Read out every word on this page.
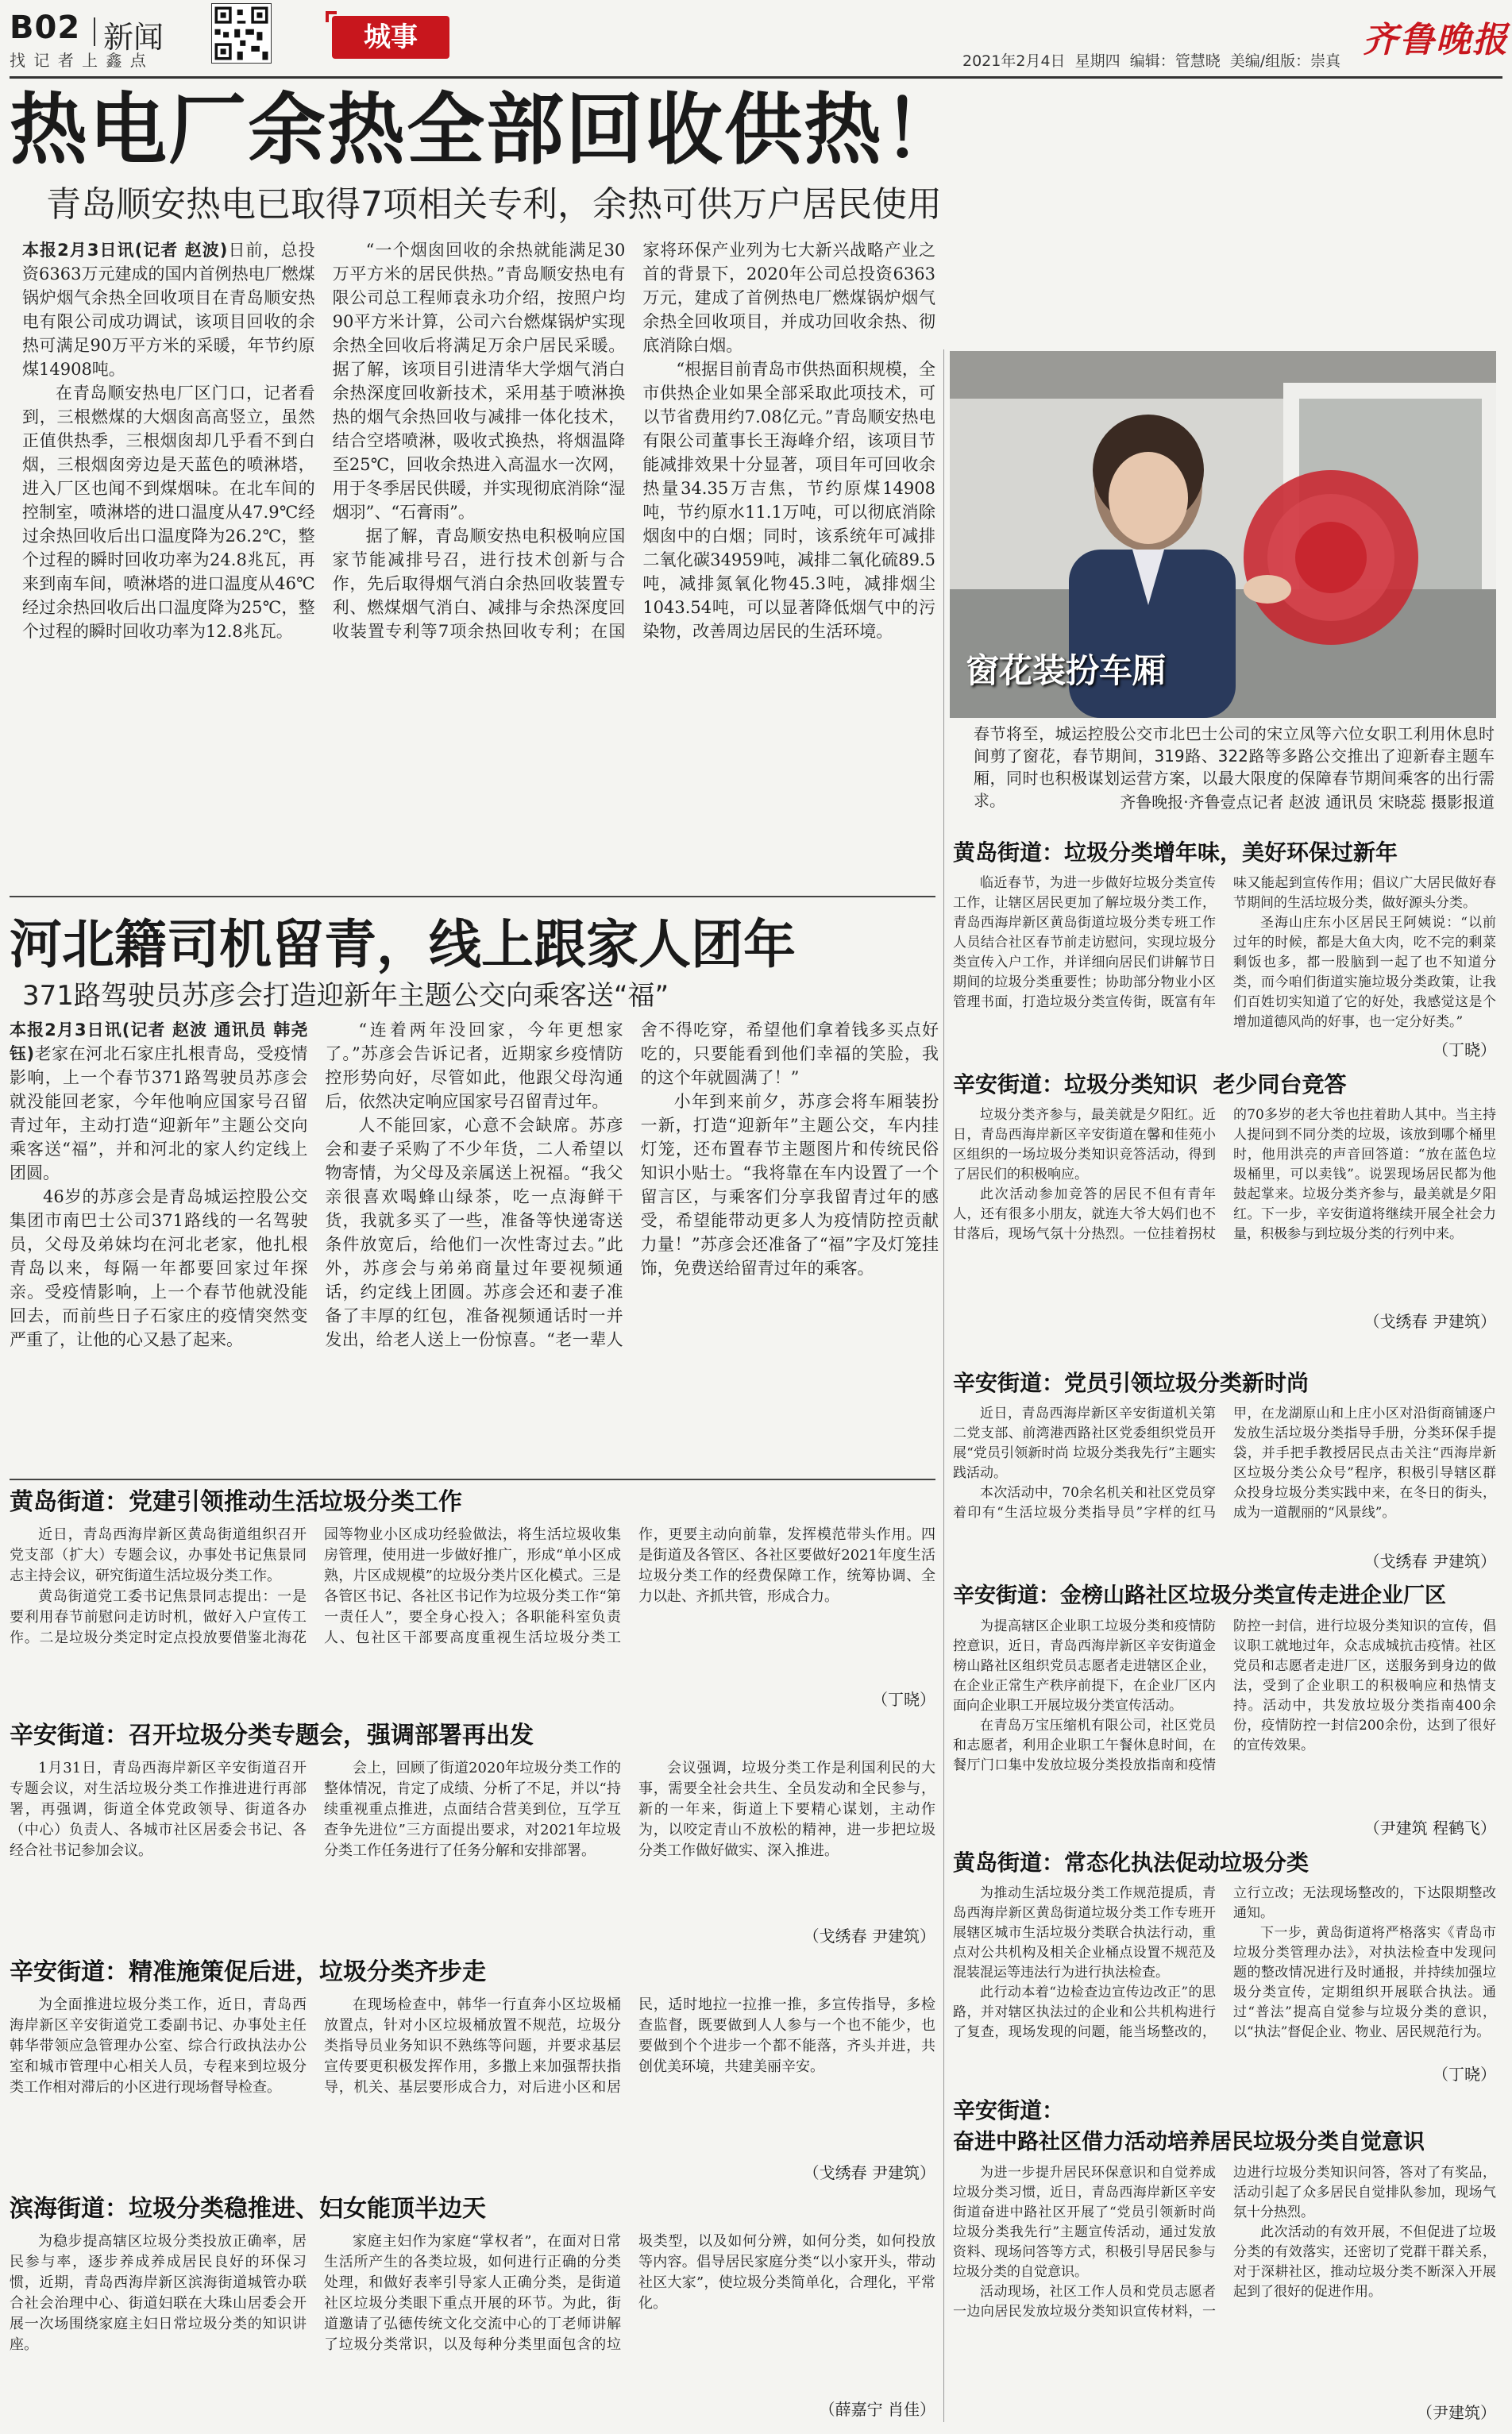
B02 新闻
找 记 者 上 鑫 点
城事	齐鲁晚报
2021年2月4日  星期四  编辑：管慧晓  美编/组版：崇真
热电厂余热全部回收供热！
青岛顺安热电已取得7项相关专利，余热可供万户居民使用

本报2月3日讯(记者 赵波)日前，总投资6363万元建成的国内首例热电厂燃煤锅炉烟气余热全回收项目在青岛顺安热电有限公司成功调试，该项目回收的余热可满足90万平方米的采暖，年节约原煤14908吨。

在青岛顺安热电厂区门口，记者看到，三根燃煤的大烟囱高高竖立，虽然正值供热季，三根烟囱却几乎看不到白烟，三根烟囱旁边是天蓝色的喷淋塔，进入厂区也闻不到煤烟味。在北车间的控制室，喷淋塔的进口温度从47.9℃经过余热回收后出口温度降为26.2℃，整个过程的瞬时回收功率为24.8兆瓦，再来到南车间，喷淋塔的进口温度从46℃经过余热回收后出口温度降为25℃，整个过程的瞬时回收功率为12.8兆瓦。

“一个烟囱回收的余热就能满足30万平方米的居民供热。”青岛顺安热电有限公司总工程师袁永功介绍，按照户均90平方米计算，公司六台燃煤锅炉实现余热全回收后将满足万余户居民采暖。据了解，该项目引进清华大学烟气消白余热深度回收新技术，采用基于喷淋换热的烟气余热回收与减排一体化技术，结合空塔喷淋，吸收式换热，将烟温降至25℃，回收余热进入高温水一次网，用于冬季居民供暖，并实现彻底消除“湿烟羽”、“石膏雨”。

据了解，青岛顺安热电积极响应国家节能减排号召，进行技术创新与合作，先后取得烟气消白余热回收装置专利、燃煤烟气消白、减排与余热深度回收装置专利等7项余热回收专利；在国家将环保产业列为七大新兴战略产业之首的背景下，2020年公司总投资6363万元，建成了首例热电厂燃煤锅炉烟气余热全回收项目，并成功回收余热、彻底消除白烟。

“根据目前青岛市供热面积规模，全市供热企业如果全部采取此项技术，可以节省费用约7.08亿元。”青岛顺安热电有限公司董事长王海峰介绍，该项目节能减排效果十分显著，项目年可回收余热量34.35万吉焦，节约原煤14908吨，节约原水11.1万吨，可以彻底消除烟囱中的白烟；同时，该系统年可减排二氧化碳34959吨，减排二氧化硫89.5吨，减排氮氧化物45.3吨，减排烟尘1043.54吨，可以显著降低烟气中的污染物，改善周边居民的生活环境。

窗花装扮车厢
春节将至，城运控股公交市北巴士公司的宋立凤等六位女职工利用休息时间剪了窗花，春节期间，319路、322路等多路公交推出了迎新春主题车厢，同时也积极谋划运营方案，以最大限度的保障春节期间乘客的出行需求。	齐鲁晚报·齐鲁壹点记者 赵波 通讯员 宋晓蕊 摄影报道
河北籍司机留青，线上跟家人团年
371路驾驶员苏彦会打造迎新年主题公交向乘客送“福”

本报2月3日讯(记者 赵波 通讯员 韩尧钰)老家在河北石家庄扎根青岛，受疫情影响，上一个春节371路驾驶员苏彦会就没能回老家，今年他响应国家号召留青过年，主动打造“迎新年”主题公交向乘客送“福”，并和河北的家人约定线上团圆。

46岁的苏彦会是青岛城运控股公交集团市南巴士公司371路线的一名驾驶员，父母及弟妹均在河北老家，他扎根青岛以来，每隔一年都要回家过年探亲。受疫情影响，上一个春节他就没能回去，而前些日子石家庄的疫情突然变严重了，让他的心又悬了起来。

“连着两年没回家，今年更想家了。”苏彦会告诉记者，近期家乡疫情防控形势向好，尽管如此，他跟父母沟通后，依然决定响应国家号召留青过年。

人不能回家，心意不会缺席。苏彦会和妻子采购了不少年货，二人希望以物寄情，为父母及亲属送上祝福。“我父亲很喜欢喝蜂山绿茶，吃一点海鲜干货，我就多买了一些，准备等快递寄送条件放宽后，给他们一次性寄过去。”此外，苏彦会与弟弟商量过年要视频通话，约定线上团圆。苏彦会还和妻子准备了丰厚的红包，准备视频通话时一并发出，给老人送上一份惊喜。“老一辈人舍不得吃穿，希望他们拿着钱多买点好吃的，只要能看到他们幸福的笑脸，我的这个年就圆满了！”

小年到来前夕，苏彦会将车厢装扮一新，打造“迎新年”主题公交，车内挂灯笼，还布置春节主题图片和传统民俗知识小贴士。“我将靠在车内设置了一个留言区，与乘客们分享我留青过年的感受，希望能带动更多人为疫情防控贡献力量！”苏彦会还准备了“福”字及灯笼挂饰，免费送给留青过年的乘客。

黄岛街道：党建引领推动生活垃圾分类工作

近日，青岛西海岸新区黄岛街道组织召开党支部（扩大）专题会议，办事处书记焦景同志主持会议，研究街道生活垃圾分类工作。

黄岛街道党工委书记焦景同志提出：一是要利用春节前慰问走访时机，做好入户宣传工作。二是垃圾分类定时定点投放要借鉴北海花园等物业小区成功经验做法，将生活垃圾收集房管理，使用进一步做好推广，形成“单小区成熟，片区成规模”的垃圾分类片区化模式。三是各管区书记、各社区书记作为垃圾分类工作“第一责任人”，要全身心投入；各职能科室负责人、包社区干部要高度重视生活垃圾分类工作，更要主动向前靠，发挥模范带头作用。四是街道及各管区、各社区要做好2021年度生活垃圾分类工作的经费保障工作，统筹协调、全力以赴、齐抓共管，形成合力。

（丁晓）
辛安街道：召开垃圾分类专题会，强调部署再出发

1月31日，青岛西海岸新区辛安街道召开专题会议，对生活垃圾分类工作推进进行再部署，再强调，街道全体党政领导、街道各办（中心）负责人、各城市社区居委会书记、各经合社书记参加会议。

会上，回顾了街道2020年垃圾分类工作的整体情况，肯定了成绩、分析了不足，并以“持续重视重点推进，点面结合营美到位，互学互查争先进位”三方面提出要求，对2021年垃圾分类工作任务进行了任务分解和安排部署。

会议强调，垃圾分类工作是利国利民的大事，需要全社会共生、全员发动和全民参与，新的一年来，街道上下要精心谋划，主动作为，以咬定青山不放松的精神，进一步把垃圾分类工作做好做实、深入推进。

（戈绣春 尹建筑）
辛安街道：精准施策促后进，垃圾分类齐步走

为全面推进垃圾分类工作，近日，青岛西海岸新区辛安街道党工委副书记、办事处主任韩华带领应急管理办公室、综合行政执法办公室和城市管理中心相关人员，专程来到垃圾分类工作相对滞后的小区进行现场督导检查。

在现场检查中，韩华一行直奔小区垃圾桶放置点，针对小区垃圾桶放置不规范，垃圾分类指导员业务知识不熟练等问题，并要求基层宣传要更积极发挥作用，多撒上来加强帮扶指导，机关、基层要形成合力，对后进小区和居民，适时地拉一拉推一推，多宣传指导，多检查监督，既要做到人人参与一个也不能少，也要做到个个进步一个都不能落，齐头并进，共创优美环境，共建美丽辛安。

（戈绣春 尹建筑）
滨海街道：垃圾分类稳推进、妇女能顶半边天

为稳步提高辖区垃圾分类投放正确率，居民参与率，逐步养成养成居民良好的环保习惯，近期，青岛西海岸新区滨海街道城管办联合社会治理中心、街道妇联在大珠山居委会开展一次场围绕家庭主妇日常垃圾分类的知识讲座。

家庭主妇作为家庭“掌权者”，在面对日常生活所产生的各类垃圾，如何进行正确的分类处理，和做好表率引导家人正确分类，是街道社区垃圾分类眼下重点开展的环节。为此，街道邀请了弘德传统文化交流中心的丁老师讲解了垃圾分类常识，以及每种分类里面包含的垃圾类型，以及如何分辨，如何分类，如何投放等内容。倡导居民家庭分类“以小家开头，带动社区大家”，使垃圾分类简单化，合理化，平常化。

（薛嘉宁 肖佳）
黄岛街道：垃圾分类增年味，美好环保过新年

临近春节，为进一步做好垃圾分类宣传工作，让辖区居民更加了解垃圾分类工作，青岛西海岸新区黄岛街道垃圾分类专班工作人员结合社区春节前走访慰问，实现垃圾分类宣传入户工作，并详细向居民们讲解节日期间的垃圾分类重要性；协助部分物业小区管理书面，打造垃圾分类宣传街，既富有年味又能起到宣传作用；倡议广大居民做好春节期间的生活垃圾分类，做好源头分类。

圣海山庄东小区居民王阿姨说：“以前过年的时候，都是大鱼大肉，吃不完的剩菜剩饭也多，都一股脑到一起了也不知道分类，而今咱们街道实施垃圾分类政策，让我们百姓切实知道了它的好处，我感觉这是个增加道德风尚的好事，也一定分好类。”

（丁晓）
辛安街道：垃圾分类知识  老少同台竞答

垃圾分类齐参与，最美就是夕阳红。近日，青岛西海岸新区辛安街道在馨和佳苑小区组织的一场垃圾分类知识竞答活动，得到了居民们的积极响应。

此次活动参加竞答的居民不但有青年人，还有很多小朋友，就连大爷大妈们也不甘落后，现场气氛十分热烈。一位挂着拐杖的70多岁的老大爷也拄着助人其中。当主持人提问到不同分类的垃圾，该放到哪个桶里时，他用洪亮的声音回答道：“放在蓝色垃圾桶里，可以卖钱”。说罢现场居民都为他鼓起掌来。垃圾分类齐参与，最美就是夕阳红。下一步，辛安街道将继续开展全社会力量，积极参与到垃圾分类的行列中来。

（戈绣春 尹建筑）
辛安街道：党员引领垃圾分类新时尚

近日，青岛西海岸新区辛安街道机关第二党支部、前湾港西路社区党委组织党员开展“党员引领新时尚 垃圾分类我先行”主题实践活动。

本次活动中，70余名机关和社区党员穿着印有“生活垃圾分类指导员”字样的红马甲，在龙湖原山和上庄小区对沿街商铺逐户发放生活垃圾分类指导手册，分类环保手提袋，并手把手教授居民点击关注“西海岸新区垃圾分类公众号”程序，积极引导辖区群众投身垃圾分类实践中来，在冬日的街头，成为一道靓丽的“风景线”。

（戈绣春 尹建筑）
辛安街道：金榜山路社区垃圾分类宣传走进企业厂区

为提高辖区企业职工垃圾分类和疫情防控意识，近日，青岛西海岸新区辛安街道金榜山路社区组织党员志愿者走进辖区企业，在企业正常生产秩序前提下，在企业厂区内面向企业职工开展垃圾分类宣传活动。

在青岛万宝压缩机有限公司，社区党员和志愿者，利用企业职工午餐休息时间，在餐厅门口集中发放垃圾分类投放指南和疫情防控一封信，进行垃圾分类知识的宣传，倡议职工就地过年，众志成城抗击疫情。社区党员和志愿者走进厂区，送服务到身边的做法，受到了企业职工的积极响应和热情支持。活动中，共发放垃圾分类指南400余份，疫情防控一封信200余份，达到了很好的宣传效果。

（尹建筑 程鹤飞）
黄岛街道：常态化执法促动垃圾分类

为推动生活垃圾分类工作规范提质，青岛西海岸新区黄岛街道垃圾分类工作专班开展辖区城市生活垃圾分类联合执法行动，重点对公共机构及相关企业桶点设置不规范及混装混运等违法行为进行执法检查。

此行动本着“边检查边宣传边改正”的思路，并对辖区执法过的企业和公共机构进行了复查，现场发现的问题，能当场整改的，立行立改；无法现场整改的，下达限期整改通知。

下一步，黄岛街道将严格落实《青岛市垃圾分类管理办法》，对执法检查中发现问题的整改情况进行及时通报，并持续加强垃圾分类宣传，定期组织开展联合执法。通过“普法”提高自觉参与垃圾分类的意识，以“执法”督促企业、物业、居民规范行为。

（丁晓）
辛安街道：
奋进中路社区借力活动培养居民垃圾分类自觉意识

为进一步提升居民环保意识和自觉养成垃圾分类习惯，近日，青岛西海岸新区辛安街道奋进中路社区开展了“党员引领新时尚 垃圾分类我先行”主题宣传活动，通过发放资料、现场问答等方式，积极引导居民参与垃圾分类的自觉意识。

活动现场，社区工作人员和党员志愿者一边向居民发放垃圾分类知识宣传材料，一边进行垃圾分类知识问答，答对了有奖品，活动引起了众多居民自觉排队参加，现场气氛十分热烈。

此次活动的有效开展，不但促进了垃圾分类的有效落实，还密切了党群干群关系，对于深耕社区，推动垃圾分类不断深入开展起到了很好的促进作用。

（尹建筑）
